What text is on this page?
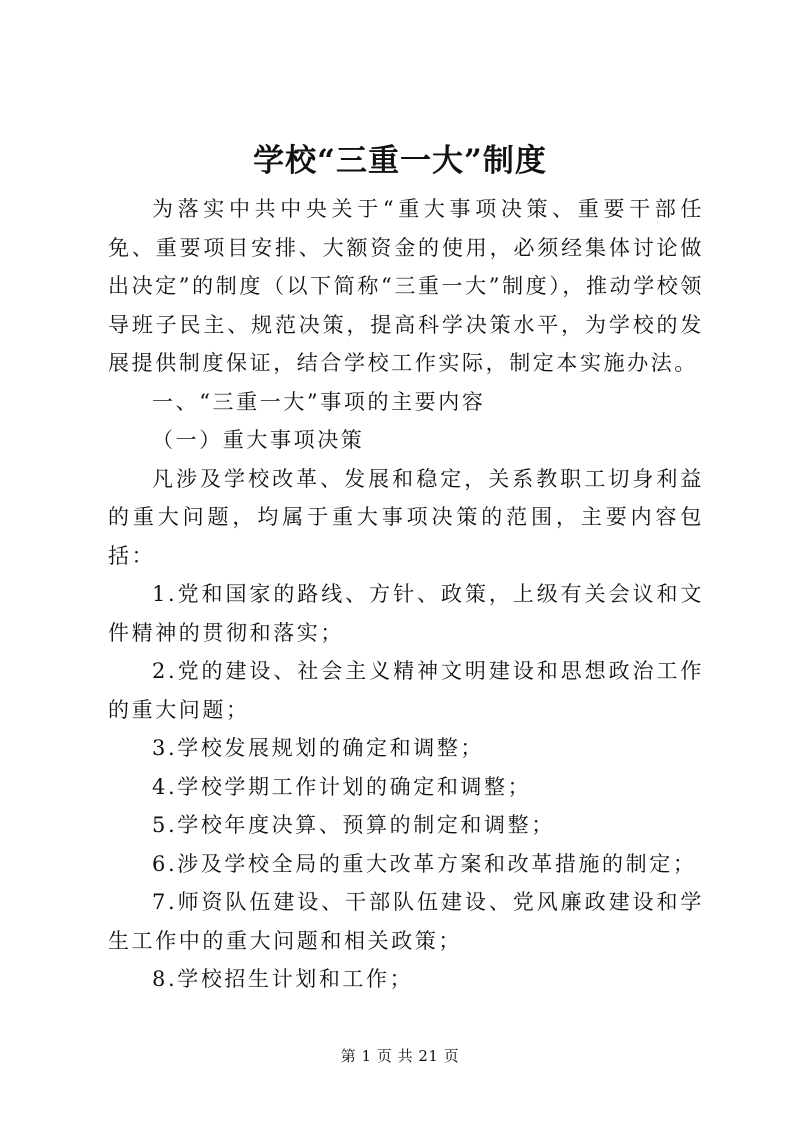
学校“三重一大”制度

为落实中共中央关于“重大事项决策、重要干部任免、重要项目安排、大额资金的使用，必须经集体讨论做出决定”的制度（以下简称“三重一大”制度），推动学校领导班子民主、规范决策，提高科学决策水平，为学校的发展提供制度保证，结合学校工作实际，制定本实施办法。

一、“三重一大”事项的主要内容

（一）重大事项决策

凡涉及学校改革、发展和稳定，关系教职工切身利益的重大问题，均属于重大事项决策的范围，主要内容包括：

1.党和国家的路线、方针、政策，上级有关会议和文件精神的贯彻和落实；

2.党的建设、社会主义精神文明建设和思想政治工作的重大问题；

3.学校发展规划的确定和调整；

4.学校学期工作计划的确定和调整；

5.学校年度决算、预算的制定和调整；

6.涉及学校全局的重大改革方案和改革措施的制定；

7.师资队伍建设、干部队伍建设、党风廉政建设和学生工作中的重大问题和相关政策；

8.学校招生计划和工作；

第 1 页 共 21 页
